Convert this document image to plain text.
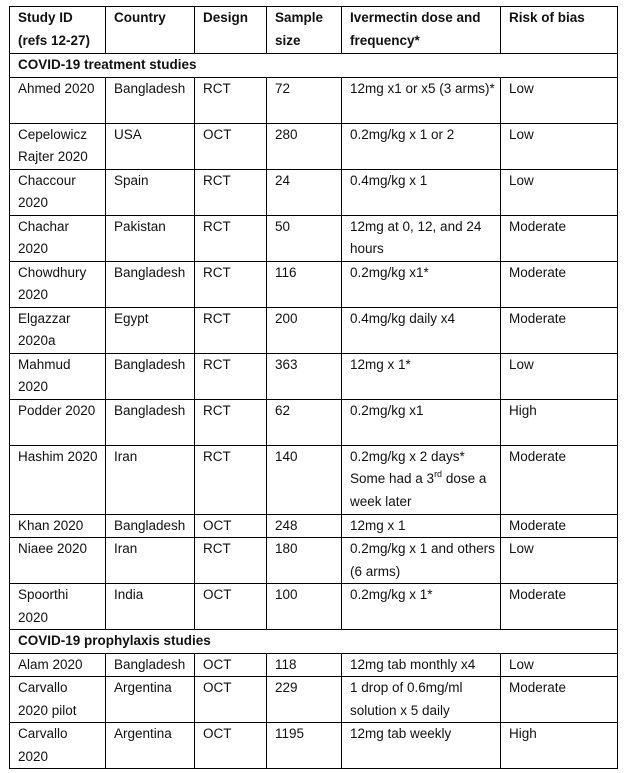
Study ID (refs 12-27)	Country	Design	Sample size	Ivermectin dose and frequency*	Risk of bias
COVID-19 treatment studies					
Ahmed 2020	Bangladesh	RCT	72	12mg x1 or x5 (3 arms)*	Low
Cepelowicz Rajter 2020	USA	OCT	280	0.2mg/kg x 1 or 2	Low
Chaccour 2020	Spain	RCT	24	0.4mg/kg x 1	Low
Chachar 2020	Pakistan	RCT	50	12mg at 0, 12, and 24 hours	Moderate
Chowdhury 2020	Bangladesh	RCT	116	0.2mg/kg x1*	Moderate
Elgazzar 2020a	Egypt	RCT	200	0.4mg/kg daily x4	Moderate
Mahmud 2020	Bangladesh	RCT	363	12mg x 1*	Low
Podder 2020	Bangladesh	RCT	62	0.2mg/kg x1	High
Hashim 2020	Iran	RCT	140	0.2mg/kg x 2 days* Some had a 3rd dose a week later	Moderate
Khan 2020	Bangladesh	OCT	248	12mg x 1	Moderate
Niaee 2020	Iran	RCT	180	0.2mg/kg x 1 and others (6 arms)	Low
Spoorthi 2020	India	OCT	100	0.2mg/kg x 1*	Moderate
COVID-19 prophylaxis studies					
Alam 2020	Bangladesh	OCT	118	12mg tab monthly x4	Low
Carvallo 2020 pilot	Argentina	OCT	229	1 drop of 0.6mg/ml solution x 5 daily	Moderate
Carvallo 2020	Argentina	OCT	1195	12mg tab weekly	High
